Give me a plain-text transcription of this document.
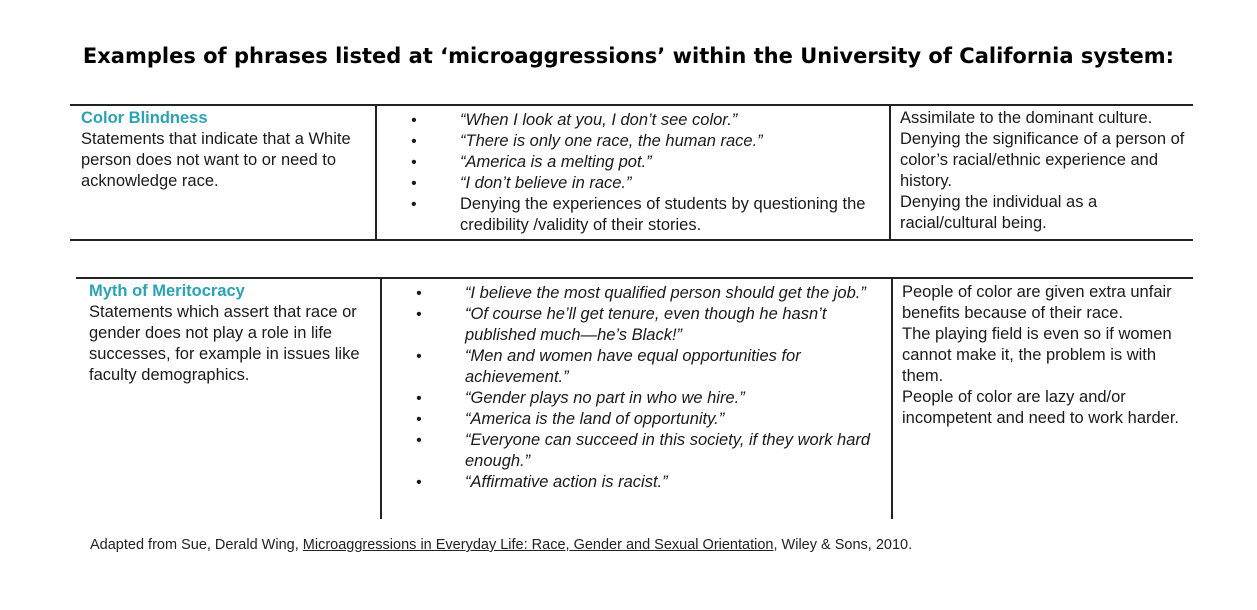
Examples of phrases listed at ‘microaggressions’ within the University of California system:
Color Blindness
Statements that indicate that a White person does not want to or need to acknowledge race.
• “When I look at you, I don’t see color.”
• “There is only one race, the human race.”
• “America is a melting pot.”
• “I don’t believe in race.”
• Denying the experiences of students by questioning the credibility /validity of their stories.
Assimilate to the dominant culture.
Denying the significance of a person of color’s racial/ethnic experience and history.
Denying the individual as a racial/cultural being.
Myth of Meritocracy
Statements which assert that race or gender does not play a role in life successes, for example in issues like faculty demographics.
• “I believe the most qualified person should get the job.”
• “Of course he’ll get tenure, even though he hasn’t published much—he’s Black!”
• “Men and women have equal opportunities for achievement.”
• “Gender plays no part in who we hire.”
• “America is the land of opportunity.”
• “Everyone can succeed in this society, if they work hard enough.”
• “Affirmative action is racist.”
People of color are given extra unfair benefits because of their race.
The playing field is even so if women cannot make it, the problem is with them.
People of color are lazy and/or incompetent and need to work harder.
Adapted from Sue, Derald Wing, Microaggressions in Everyday Life: Race, Gender and Sexual Orientation, Wiley & Sons, 2010.
